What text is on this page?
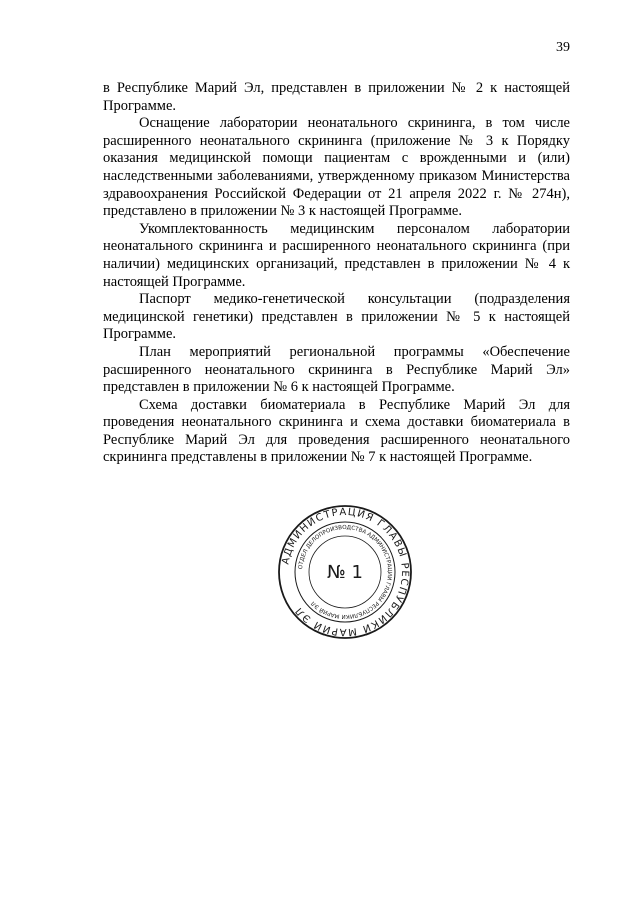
39

в Республике Марий Эл, представлен в приложении № 2 к настоящей Программе.

Оснащение лаборатории неонатального скрининга, в том числе расширенного неонатального скрининга (приложение № 3 к Порядку оказания медицинской помощи пациентам с врожденными и (или) наследственными заболеваниями, утвержденному приказом Министерства здравоохранения Российской Федерации от 21 апреля 2022 г. № 274н), представлено в приложении № 3 к настоящей Программе.

Укомплектованность медицинским персоналом лаборатории неонатального скрининга и расширенного неонатального скрининга (при наличии) медицинских организаций, представлен в приложении № 4 к настоящей Программе.

Паспорт медико-генетической консультации (подразделения медицинской генетики) представлен в приложении № 5 к настоящей Программе.

План мероприятий региональной программы «Обеспечение расширенного неонатального скрининга в Республике Марий Эл» представлен в приложении № 6 к настоящей Программе.

Схема доставки биоматериала в Республике Марий Эл для проведения неонатального скрининга и схема доставки биоматериала в Республике Марий Эл для проведения расширенного неонатального скрининга представлены в приложении № 7 к настоящей Программе.

АДМИНИСТРАЦИЯ ГЛАВЫ РЕСПУБЛИКИ МАРИЙ ЭЛ
ОТДЕЛ ДЕЛОПРОИЗВОДСТВА АДМИНИСТРАЦИИ ГЛАВЫ РЕСПУБЛИКИ МАРИЙ ЭЛ
№ 1
